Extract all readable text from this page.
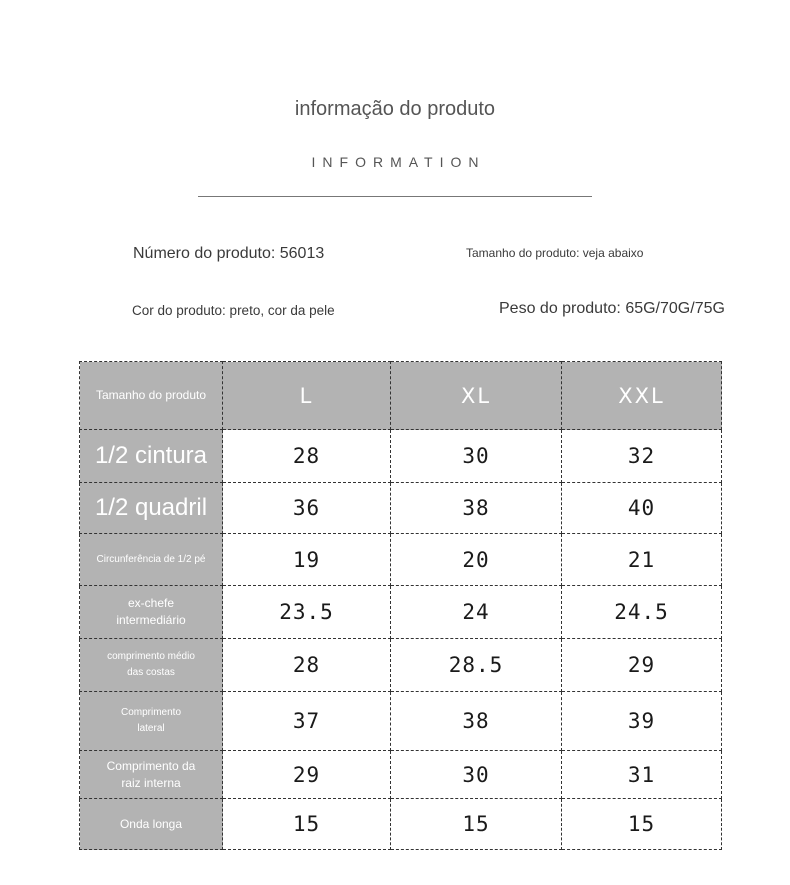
informação do produto
INFORMATION
Número do produto: 56013	Tamanho do produto: veja abaixo
Cor do produto: preto, cor da pele	Peso do produto: 65G/70G/75G
Tamanho do produto	L	XL	XXL
1/2 cintura	28	30	32
1/2 quadril	36	38	40
Circunferência de 1/2 pé	19	20	21

ex-chefe intermediário	23.5	24	24.5

comprimento médio das costas	28	28.5	29

Comprimento lateral	37	38	39

Comprimento da raiz interna	29	30	31
Onda longa	15	15	15
